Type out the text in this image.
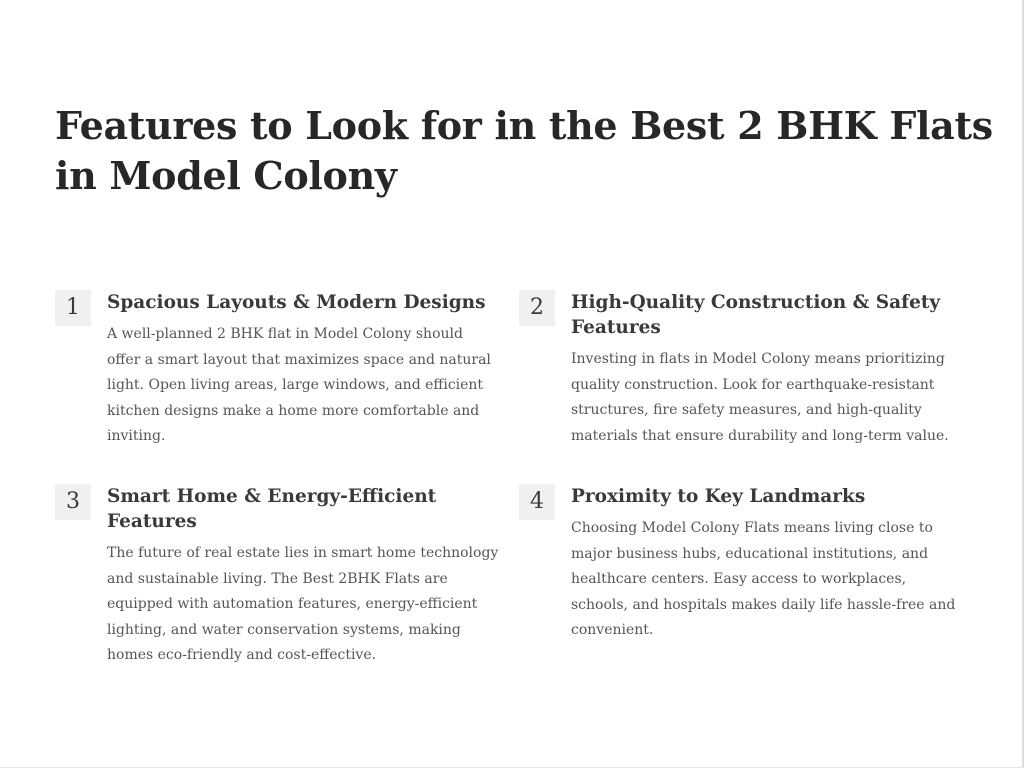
Features to Look for in the Best 2 BHK Flats in Model Colony
1	Spacious Layouts & Modern Designs

A well-planned 2 BHK flat in Model Colony should offer a smart layout that maximizes space and natural light. Open living areas, large windows, and efficient kitchen designs make a home more comfortable and inviting.

2	High-Quality Construction & Safety Features

Investing in flats in Model Colony means prioritizing quality construction. Look for earthquake-resistant structures, fire safety measures, and high-quality materials that ensure durability and long-term value.

3	Smart Home & Energy-Efficient Features

The future of real estate lies in smart home technology and sustainable living. The Best 2BHK Flats are equipped with automation features, energy-efficient lighting, and water conservation systems, making homes eco-friendly and cost-effective.

4	Proximity to Key Landmarks

Choosing Model Colony Flats means living close to major business hubs, educational institutions, and healthcare centers. Easy access to workplaces, schools, and hospitals makes daily life hassle-free and convenient.
